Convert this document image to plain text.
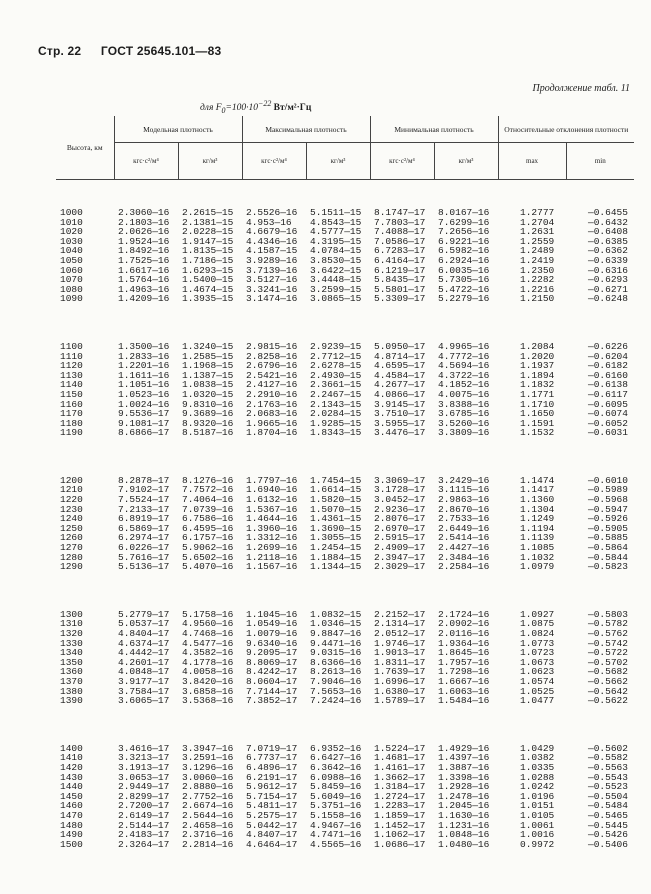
Стр. 22 ГОСТ 25645.101—83
Продолжение табл. 11
для $F_0=100\cdot 10^{-22}$ Вт/м²·Гц
Высота, км	Модельная плотность		Максимальная плотность		Минимальная плотность		Относительные отклонения плотности	
	кгс·с²/м⁴	кг/м³	кгс·с²/м⁴	кг/м³	кгс·с²/м⁴	кг/м³	max	min

1000	2.3060—16	2.2615—15	2.5526—16	5.1511—15	8.1747—17	8.0167—16	1.2777	—0.6455
1010	2.1803—16	2.1381—15	4.953—16	4.8543—15	7.7803—17	7.6299—16	1.2704	—0.6432
1020	2.0626—16	2.0228—15	4.6679—16	4.5777—15	7.4088—17	7.2656—16	1.2631	—0.6408
1030	1.9524—16	1.9147—15	4.4346—16	4.3195—15	7.0586—17	6.9221—16	1.2559	—0.6385
1040	1.8492—16	1.8135—15	4.1587—15	4.0784—15	6.7283—17	6.5982—16	1.2489	—0.6362
1050	1.7525—16	1.7186—15	3.9289—16	3.8530—15	6.4164—17	6.2924—16	1.2419	—0.6339
1060	1.6617—16	1.6293—15	3.7139—16	3.6422—15	6.1219—17	6.0035—16	1.2350	—0.6316
1070	1.5764—16	1.5400—15	3.5127—16	3.4448—15	5.8435—17	5.7305—16	1.2282	—0.6293
1080	1.4963—16	1.4674—15	3.3241—16	3.2599—15	5.5801—17	5.4722—16	1.2216	—0.6271
1090	1.4209—16	1.3935—15	3.1474—16	3.0865—15	5.3309—17	5.2279—16	1.2150	—0.6248

1100	1.3500—16	1.3240—15	2.9815—16	2.9239—15	5.0950—17	4.9965—16	1.2084	—0.6226
1110	1.2833—16	1.2585—15	2.8258—16	2.7712—15	4.8714—17	4.7772—16	1.2020	—0.6204
1120	1.2201—16	1.1968—15	2.6796—16	2.6278—15	4.6595—17	4.5694—16	1.1937	—0.6182
1130	1.1611—16	1.1387—15	2.5421—16	2.4930—15	4.4584—17	4.3722—16	1.1894	—0.6160
1140	1.1051—16	1.0838—15	2.4127—16	2.3661—15	4.2677—17	4.1852—16	1.1832	—0.6138
1150	1.0523—16	1.0320—15	2.2910—16	2.2467—15	4.0866—17	4.0075—16	1.1771	—0.6117
1160	1.0024—16	9.8310—16	2.1763—16	2.1343—15	3.9145—17	3.8388—16	1.1710	—0.6095
1170	9.5536—17	9.3689—16	2.0683—16	2.0284—15	3.7510—17	3.6785—16	1.1650	—0.6074
1180	9.1081—17	8.9320—16	1.9665—16	1.9285—15	3.5955—17	3.5260—16	1.1591	—0.6052
1190	8.6866—17	8.5187—16	1.8704—16	1.8343—15	3.4476—17	3.3809—16	1.1532	—0.6031

1200	8.2878—17	8.1276—16	1.7797—16	1.7454—15	3.3069—17	3.2429—16	1.1474	—0.6010
1210	7.9102—17	7.7572—16	1.6940—16	1.6614—15	3.1728—17	3.1115—16	1.1417	—0.5989
1220	7.5524—17	7.4064—16	1.6132—16	1.5820—15	3.0452—17	2.9863—16	1.1360	—0.5968
1230	7.2133—17	7.0739—16	1.5367—16	1.5070—15	2.9236—17	2.8670—16	1.1304	—0.5947
1240	6.8919—17	6.7586—16	1.4644—16	1.4361—15	2.8076—17	2.7533—16	1.1249	—0.5926
1250	6.5869—17	6.4595—16	1.3960—16	1.3690—15	2.6970—17	2.6449—16	1.1194	—0.5905
1260	6.2974—17	6.1757—16	1.3312—16	1.3055—15	2.5915—17	2.5414—16	1.1139	—0.5885
1270	6.0226—17	5.9062—16	1.2699—16	1.2454—15	2.4909—17	2.4427—16	1.1085	—0.5864
1280	5.7616—17	5.6502—16	1.2118—16	1.1884—15	2.3947—17	2.3484—16	1.1032	—0.5844
1290	5.5136—17	5.4070—16	1.1567—16	1.1344—15	2.3029—17	2.2584—16	1.0979	—0.5823

1300	5.2779—17	5.1758—16	1.1045—16	1.0832—15	2.2152—17	2.1724—16	1.0927	—0.5803
1310	5.0537—17	4.9560—16	1.0549—16	1.0346—15	2.1314—17	2.0902—16	1.0875	—0.5782
1320	4.8404—17	4.7468—16	1.0079—16	9.8847—16	2.0512—17	2.0116—16	1.0824	—0.5762
1330	4.6374—17	4.5477—16	9.6340—16	9.4471—16	1.9746—17	1.9364—16	1.0773	—0.5742
1340	4.4442—17	4.3582—16	9.2095—17	9.0315—16	1.9013—17	1.8645—16	1.0723	—0.5722
1350	4.2601—17	4.1778—16	8.8069—17	8.6366—16	1.8311—17	1.7957—16	1.0673	—0.5702
1360	4.0848—17	4.0058—16	8.4242—17	8.2613—16	1.7639—17	1.7298—16	1.0623	—0.5682
1370	3.9177—17	3.8420—16	8.0604—17	7.9046—16	1.6996—17	1.6667—16	1.0574	—0.5662
1380	3.7584—17	3.6858—16	7.7144—17	7.5653—16	1.6380—17	1.6063—16	1.0525	—0.5642
1390	3.6065—17	3.5368—16	7.3852—17	7.2424—16	1.5789—17	1.5484—16	1.0477	—0.5622

1400	3.4616—17	3.3947—16	7.0719—17	6.9352—16	1.5224—17	1.4929—16	1.0429	—0.5602
1410	3.3213—17	3.2591—16	6.7737—17	6.6427—16	1.4681—17	1.4397—16	1.0382	—0.5582
1420	3.1913—17	3.1296—16	6.4896—17	6.3642—16	1.4161—17	1.3887—16	1.0335	—0.5563
1430	3.0653—17	3.0060—16	6.2191—17	6.0988—16	1.3662—17	1.3398—16	1.0288	—0.5543
1440	2.9449—17	2.8880—16	5.9612—17	5.8459—16	1.3184—17	1.2928—16	1.0242	—0.5523
1450	2.8299—17	2.7752—16	5.7154—17	5.6049—16	1.2724—17	1.2478—16	1.0196	—0.5504
1460	2.7200—17	2.6674—16	5.4811—17	5.3751—16	1.2283—17	1.2045—16	1.0151	—0.5484
1470	2.6149—17	2.5644—16	5.2575—17	5.1558—16	1.1859—17	1.1630—16	1.0105	—0.5465
1480	2.5144—17	2.4658—16	5.0442—17	4.9467—16	1.1452—17	1.1231—16	1.0061	—0.5445
1490	2.4183—17	2.3716—16	4.8407—17	4.7471—16	1.1062—17	1.0848—16	1.0016	—0.5426
1500	2.3264—17	2.2814—16	4.6464—17	4.5565—16	1.0686—17	1.0480—16	0.9972	—0.5406
